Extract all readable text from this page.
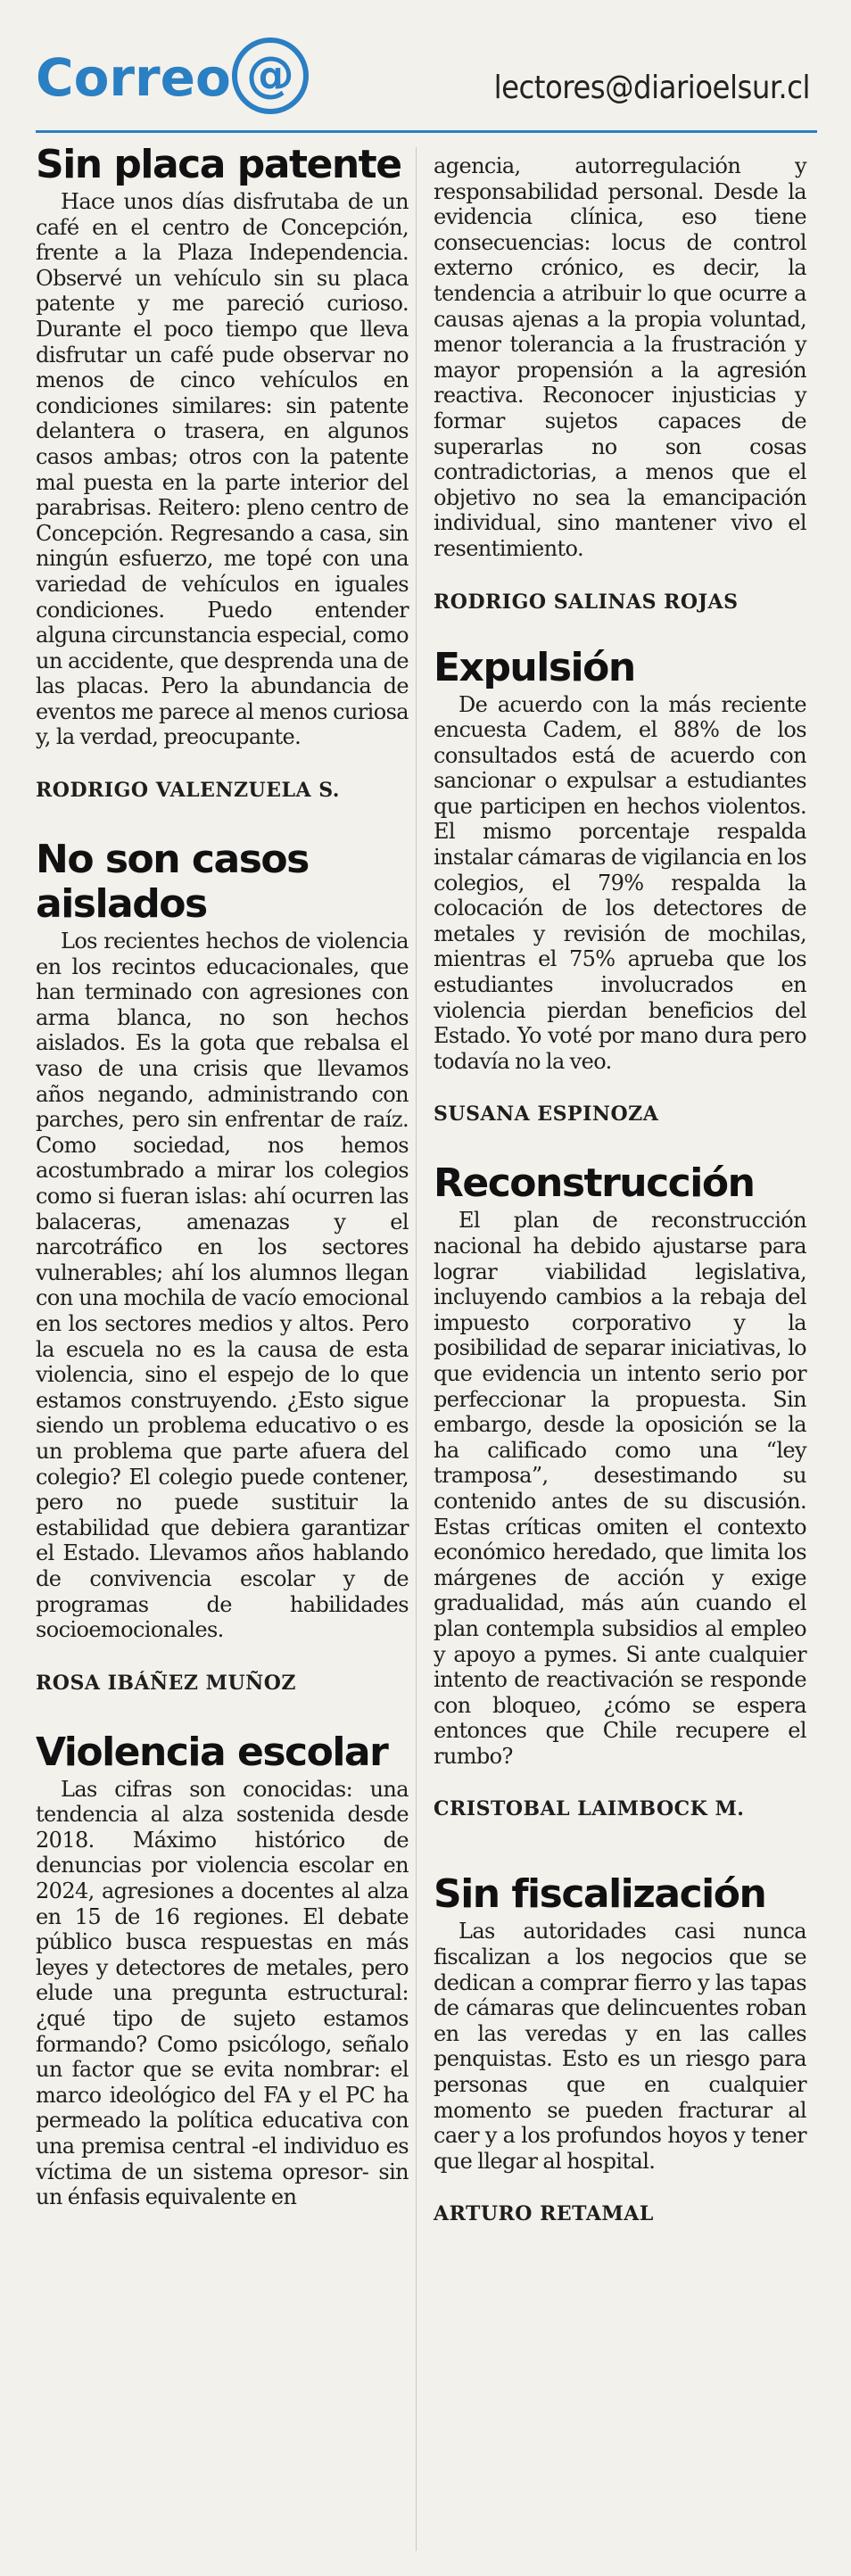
Correo @	lectores@diarioelsur.cl
Sin placa patente

Hace unos días disfrutaba de un café en el centro de Concepción, frente a la Plaza Independencia. Observé un vehículo sin su placa patente y me pareció curioso. Durante el poco tiempo que lleva disfrutar un café pude observar no menos de cinco vehículos en condiciones similares: sin patente delantera o trasera, en algunos casos ambas; otros con la patente mal puesta en la parte interior del parabrisas. Reitero: pleno centro de Concepción. Regresando a casa, sin ningún esfuerzo, me topé con una variedad de vehículos en iguales condiciones. Puedo entender alguna circunstancia especial, como un accidente, que desprenda una de las placas. Pero la abundancia de eventos me parece al menos curiosa y, la verdad, preocupante.

RODRIGO VALENZUELA S.

No son casos aislados

Los recientes hechos de violencia en los recintos educacionales, que han terminado con agresiones con arma blanca, no son hechos aislados. Es la gota que rebalsa el vaso de una crisis que llevamos años negando, administrando con parches, pero sin enfrentar de raíz. Como sociedad, nos hemos acostumbrado a mirar los colegios como si fueran islas: ahí ocurren las balaceras, amenazas y el narcotráfico en los sectores vulnerables; ahí los alumnos llegan con una mochila de vacío emocional en los sectores medios y altos. Pero la escuela no es la causa de esta violencia, sino el espejo de lo que estamos construyendo. ¿Esto sigue siendo un problema educativo o es un problema que parte afuera del colegio? El colegio puede contener, pero no puede sustituir la estabilidad que debiera garantizar el Estado. Llevamos años hablando de convivencia escolar y de programas de habilidades socioemocionales.

ROSA IBÁÑEZ MUÑOZ

Violencia escolar

Las cifras son conocidas: una tendencia al alza sostenida desde 2018. Máximo histórico de denuncias por violencia escolar en 2024, agresiones a docentes al alza en 15 de 16 regiones. El debate público busca respuestas en más leyes y detectores de metales, pero elude una pregunta estructural: ¿qué tipo de sujeto estamos formando? Como psicólogo, señalo un factor que se evita nombrar: el marco ideológico del FA y el PC ha permeado la política educativa con una premisa central -el individuo es víctima de un sistema opresor- sin un énfasis equivalente en

agencia, autorregulación y responsabilidad personal. Desde la evidencia clínica, eso tiene consecuencias: locus de control externo crónico, es decir, la tendencia a atribuir lo que ocurre a causas ajenas a la propia voluntad, menor tolerancia a la frustración y mayor propensión a la agresión reactiva. Reconocer injusticias y formar sujetos capaces de superarlas no son cosas contradictorias, a menos que el objetivo no sea la emancipación individual, sino mantener vivo el resentimiento.

RODRIGO SALINAS ROJAS

Expulsión

De acuerdo con la más reciente encuesta Cadem, el 88% de los consultados está de acuerdo con sancionar o expulsar a estudiantes que participen en hechos violentos. El mismo porcentaje respalda instalar cámaras de vigilancia en los colegios, el 79% respalda la colocación de los detectores de metales y revisión de mochilas, mientras el 75% aprueba que los estudiantes involucrados en violencia pierdan beneficios del Estado. Yo voté por mano dura pero todavía no la veo.

SUSANA ESPINOZA

Reconstrucción

El plan de reconstrucción nacional ha debido ajustarse para lograr viabilidad legislativa, incluyendo cambios a la rebaja del impuesto corporativo y la posibilidad de separar iniciativas, lo que evidencia un intento serio por perfeccionar la propuesta. Sin embargo, desde la oposición se la ha calificado como una “ley tramposa”, desestimando su contenido antes de su discusión. Estas críticas omiten el contexto económico heredado, que limita los márgenes de acción y exige gradualidad, más aún cuando el plan contempla subsidios al empleo y apoyo a pymes. Si ante cualquier intento de reactivación se responde con bloqueo, ¿cómo se espera entonces que Chile recupere el rumbo?

CRISTOBAL LAIMBOCK M.

Sin fiscalización

Las autoridades casi nunca fiscalizan a los negocios que se dedican a comprar fierro y las tapas de cámaras que delincuentes roban en las veredas y en las calles penquistas. Esto es un riesgo para personas que en cualquier momento se pueden fracturar al caer y a los profundos hoyos y tener que llegar al hospital.

ARTURO RETAMAL
